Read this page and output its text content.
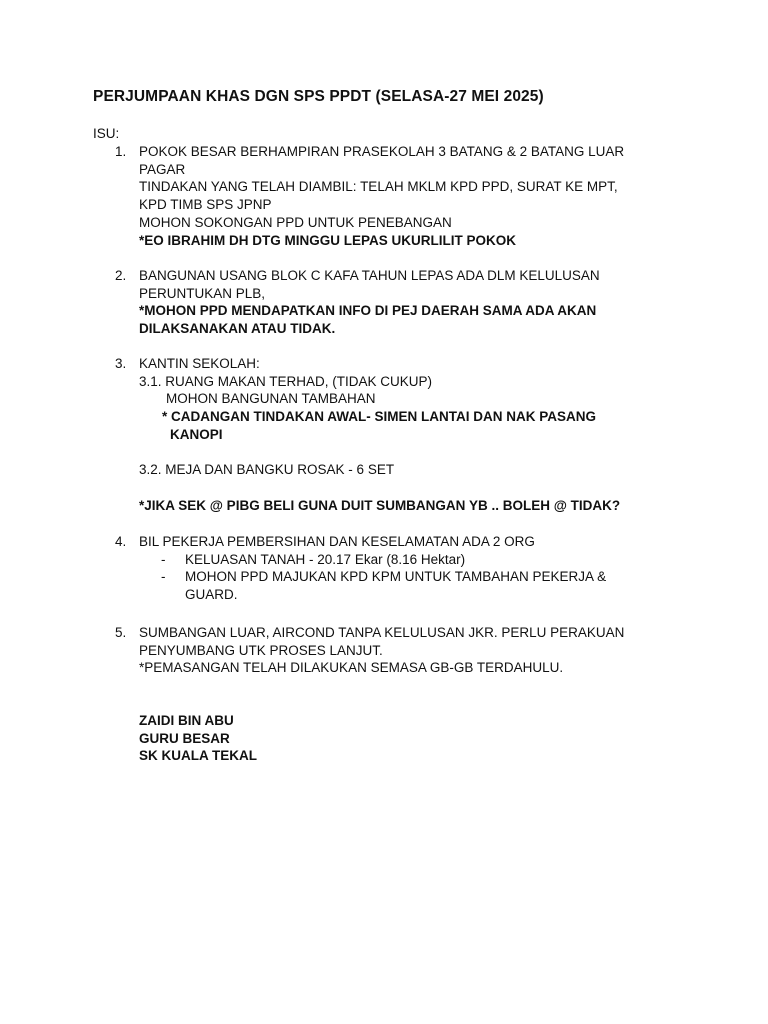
PERJUMPAAN KHAS DGN SPS PPDT (SELASA-27 MEI 2025)
ISU:
1. POKOK BESAR BERHAMPIRAN PRASEKOLAH 3 BATANG & 2 BATANG LUAR
PAGAR
TINDAKAN YANG TELAH DIAMBIL: TELAH MKLM KPD PPD, SURAT KE MPT,
KPD TIMB SPS JPNP
MOHON SOKONGAN PPD UNTUK PENEBANGAN
*EO IBRAHIM DH DTG MINGGU LEPAS UKURLILIT POKOK
2. BANGUNAN USANG BLOK C KAFA TAHUN LEPAS ADA DLM KELULUSAN
PERUNTUKAN PLB,
*MOHON PPD MENDAPATKAN INFO DI PEJ DAERAH SAMA ADA AKAN
DILAKSANAKAN ATAU TIDAK.
3. KANTIN SEKOLAH:
3.1. RUANG MAKAN TERHAD, (TIDAK CUKUP)
MOHON BANGUNAN TAMBAHAN
* CADANGAN TINDAKAN AWAL- SIMEN LANTAI DAN NAK PASANG
KANOPI
3.2. MEJA DAN BANGKU ROSAK - 6 SET
*JIKA SEK @ PIBG BELI GUNA DUIT SUMBANGAN YB .. BOLEH @ TIDAK?
4. BIL PEKERJA PEMBERSIHAN DAN KESELAMATAN ADA 2 ORG
- KELUASAN TANAH - 20.17 Ekar (8.16 Hektar)
- MOHON PPD MAJUKAN KPD KPM UNTUK TAMBAHAN PEKERJA &
GUARD.
5. SUMBANGAN LUAR, AIRCOND TANPA KELULUSAN JKR. PERLU PERAKUAN
PENYUMBANG UTK PROSES LANJUT.
*PEMASANGAN TELAH DILAKUKAN SEMASA GB-GB TERDAHULU.
ZAIDI BIN ABU
GURU BESAR
SK KUALA TEKAL
